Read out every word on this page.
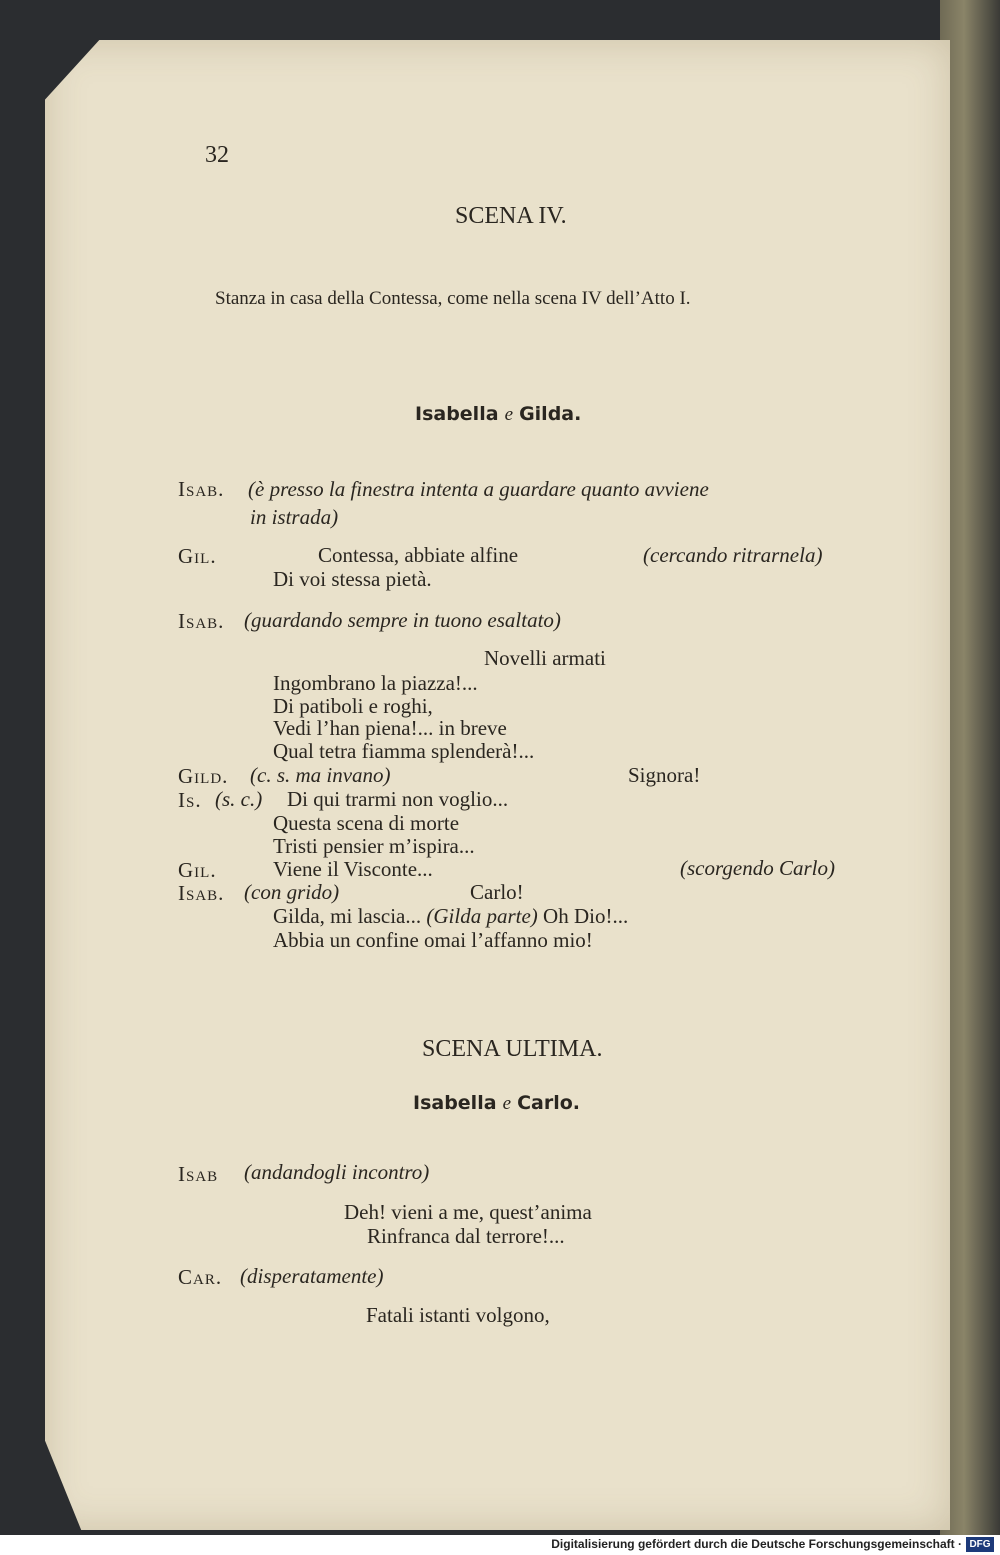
32
SCENA IV.
Stanza in casa della Contessa, come nella scena IV dell’Atto I.
Isabella e Gilda.
Isab. (è presso la finestra intenta a guardare quanto avviene
in istrada)
Gil.	Contessa, abbiate alfine	(cercando ritrarnela)
Di voi stessa pietà.
Isab. (guardando sempre in tuono esaltato)
Novelli armati
Ingombrano la piazza!...
Di patiboli e roghi,
Vedi l’han piena!... in breve
Qual tetra fiamma splenderà!...
Gild. (c. s. ma invano)	Signora!
Is. (s. c.) Di qui trarmi non voglio...
Questa scena di morte
Tristi pensier m’ispira...
Gil.	Viene il Visconte...	(scorgendo Carlo)
Isab. (con grido)	Carlo!
Gilda, mi lascia... (Gilda parte) Oh Dio!...
Abbia un confine omai l’affanno mio!
SCENA ULTIMA.
Isabella e Carlo.
Isab (andandogli incontro)
Deh! vieni a me, quest’anima
Rinfranca dal terrore!...
Car. (disperatamente)
Fatali istanti volgono,
Digitalisierung gefördert durch die Deutsche Forschungsgemeinschaft · DFG
